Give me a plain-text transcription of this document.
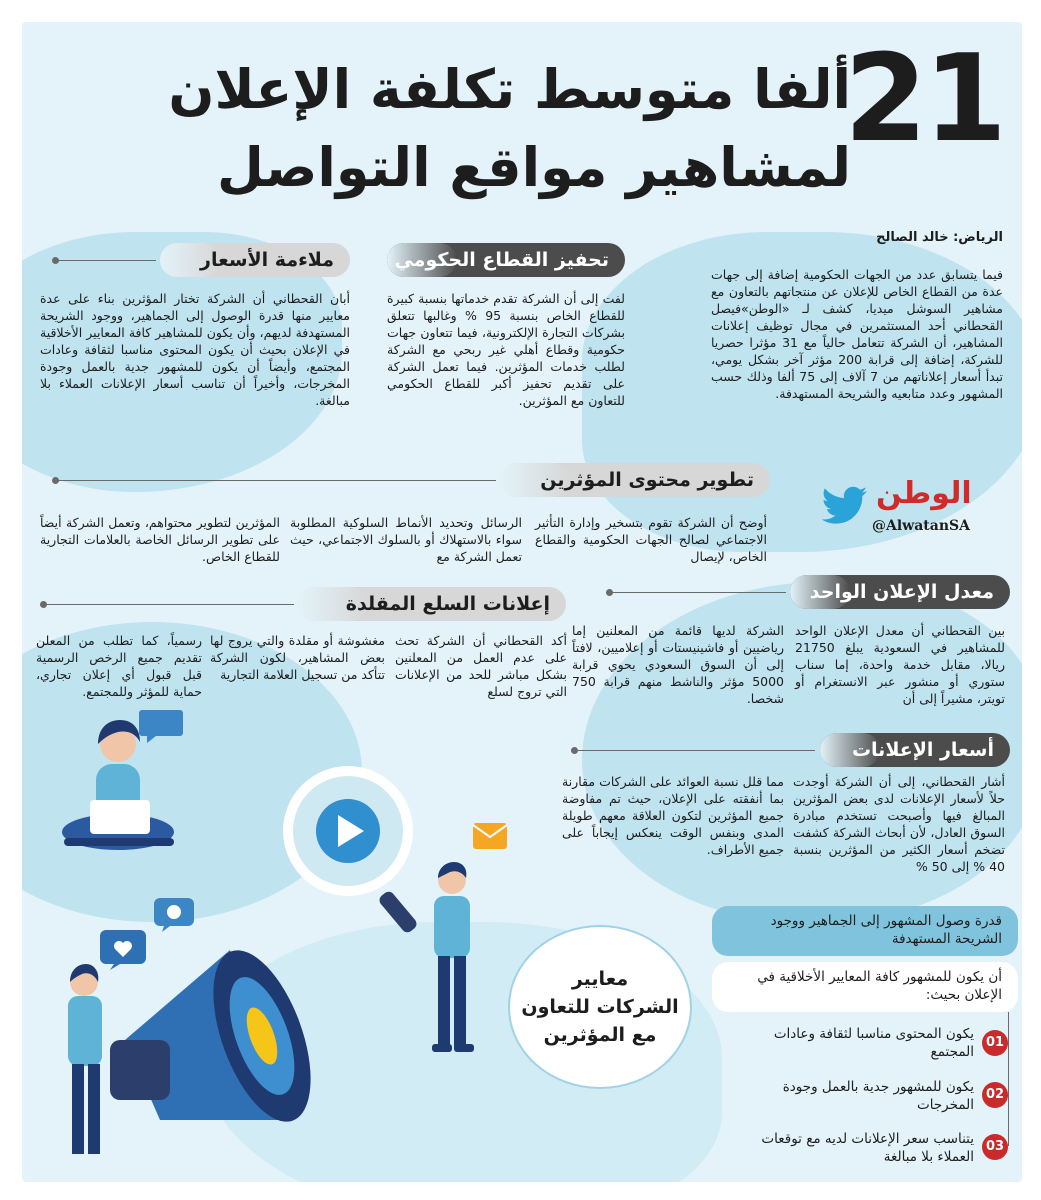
21
ألفا متوسط تكلفة الإعلان
لمشاهير مواقع التواصل
الرياض: خالد الصالح
فيما يتسابق عدد من الجهات الحكومية إضافة إلى جهات عدة من القطاع الخاص للإعلان عن منتجاتهم بالتعاون مع مشاهير السوشل ميديا، كشف لـ «الوطن»فيصل القحطاني أحد المستثمرين في مجال توظيف إعلانات المشاهير، أن الشركة تتعامل حالياً مع 31 مؤثرا حصريا للشركة، إضافة إلى قرابة 200 مؤثر آخر بشكل يومي، تبدأ أسعار إعلاناتهم من 7 آلاف إلى 75 ألفا وذلك حسب المشهور وعدد متابعيه والشريحة المستهدفة.
تحفيز القطاع الحكومي
لفت إلى أن الشركة تقدم خدماتها بنسبة كبيرة للقطاع الخاص بنسبة 95 % وغالبها تتعلق بشركات التجارة الإلكترونية، فيما تتعاون جهات حكومية وقطاع أهلي غير ربحي مع الشركة لطلب خدمات المؤثرين. فيما تعمل الشركة على تقديم تحفيز أكبر للقطاع الحكومي للتعاون مع المؤثرين.
ملاءمة الأسعار
أبان القحطاني أن الشركة تختار المؤثرين بناء على عدة معايير منها قدرة الوصول إلى الجماهير، ووجود الشريحة المستهدفة لديهم، وأن يكون للمشاهير كافة المعايير الأخلاقية في الإعلان بحيث أن يكون المحتوى مناسبا لثقافة وعادات المجتمع، وأيضاً أن يكون للمشهور جدية بالعمل وجودة المخرجات، وأخيراً أن تناسب أسعار الإعلانات العملاء بلا مبالغة.
تطوير محتوى المؤثرين
أوضح أن الشركة تقوم بتسخير وإدارة التأثير الاجتماعي لصالح الجهات الحكومية والقطاع الخاص، لإيصال
الرسائل وتحديد الأنماط السلوكية المطلوبة سواء بالاستهلاك أو بالسلوك الاجتماعي، حيث تعمل الشركة مع
المؤثرين لتطوير محتواهم، وتعمل الشركة أيضاً على تطوير الرسائل الخاصة بالعلامات التجارية للقطاع الخاص.
الوطن
@AlwatanSA
معدل الإعلان الواحد
بين القحطاني أن معدل الإعلان الواحد للمشاهير في السعودية يبلغ 21750 ريالا، مقابل خدمة واحدة، إما سناب ستوري أو منشور عبر الانستغرام أو تويتر، مشيراً إلى أن
الشركة لديها قائمة من المعلنين إما رياضيين أو فاشينيستات أو إعلاميين، لافتاً إلى أن السوق السعودي يحوي قرابة 5000 مؤثر والناشط منهم قرابة 750 شخصا.
إعلانات السلع المقلدة
أكد القحطاني أن الشركة تحث على عدم العمل من المعلنين بشكل مباشر للحد من الإعلانات التي تروج لسلع
مغشوشة أو مقلدة والتي يروج لها بعض المشاهير، لكون الشركة تتأكد من تسجيل العلامة التجارية
رسمياً، كما تطلب من المعلن تقديم جميع الرخص الرسمية قبل قبول أي إعلان تجاري، حماية للمؤثر وللمجتمع.
أسعار الإعلانات
أشار القحطاني، إلى أن الشركة أوجدت حلاً لأسعار الإعلانات لدى بعض المؤثرين المبالغ فيها وأصبحت تستخدم مبادرة السوق العادل، لأن أبحاث الشركة كشفت تضخم أسعار الكثير من المؤثرين بنسبة 40 % إلى 50 %
مما قلل نسبة العوائد على الشركات مقارنة بما أنفقته على الإعلان، حيث تم مفاوضة جميع المؤثرين لتكون العلاقة معهم طويلة المدى وبنفس الوقت ينعكس إيجاباً على جميع الأطراف.
معايير
الشركات للتعاون
مع المؤثرين
قدرة وصول المشهور إلى الجماهير ووجود الشريحة المستهدفة
أن يكون للمشهور كافة المعايير الأخلاقية في الإعلان بحيث:
01
يكون المحتوى مناسبا لثقافة وعادات المجتمع
02
يكون للمشهور جدية بالعمل وجودة المخرجات
03
يتناسب سعر الإعلانات لديه مع توقعات العملاء بلا مبالغة
